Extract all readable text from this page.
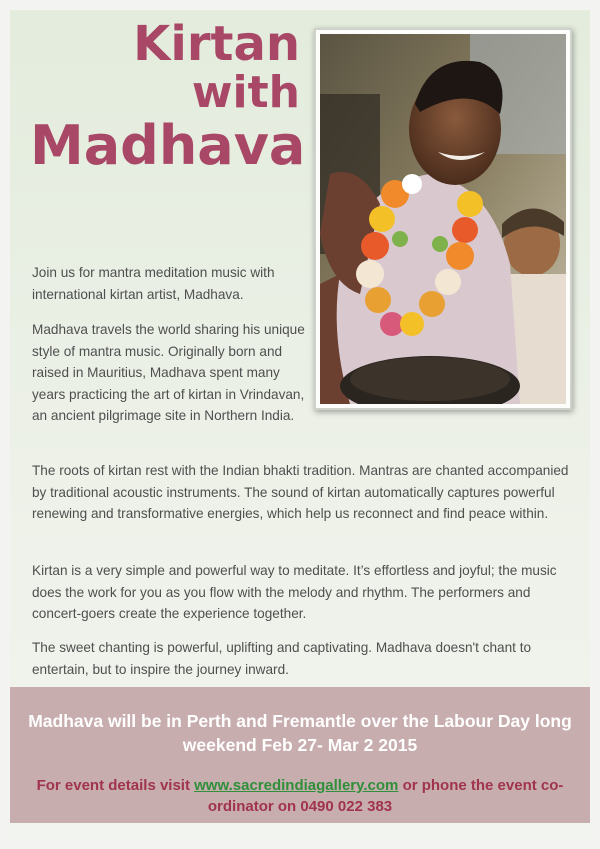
Kirtan
with
Madhava

Join us for mantra meditation music with international kirtan artist, Madhava.

Madhava travels the world sharing his unique style of mantra music. Originally born and raised in Mauritius, Madhava spent many years practicing the art of kirtan in Vrindavan, an ancient pilgrimage site in Northern India.

The roots of kirtan rest with the Indian bhakti tradition. Mantras are chanted accompanied by traditional acoustic instruments. The sound of kirtan automatically captures powerful renewing and transformative energies, which help us reconnect and find peace within.

Kirtan is a very simple and powerful way to meditate. It’s effortless and joyful; the music does the work for you as you flow with the melody and rhythm. The performers and concert-goers create the experience together.

The sweet chanting is powerful, uplifting and captivating. Madhava doesn't chant to entertain, but to inspire the journey inward.

Madhava will be in Perth and Fremantle over the Labour Day long weekend Feb 27- Mar 2 2015
For event details visit www.sacredindiagallery.com or phone the event co-ordinator on 0490 022 383
